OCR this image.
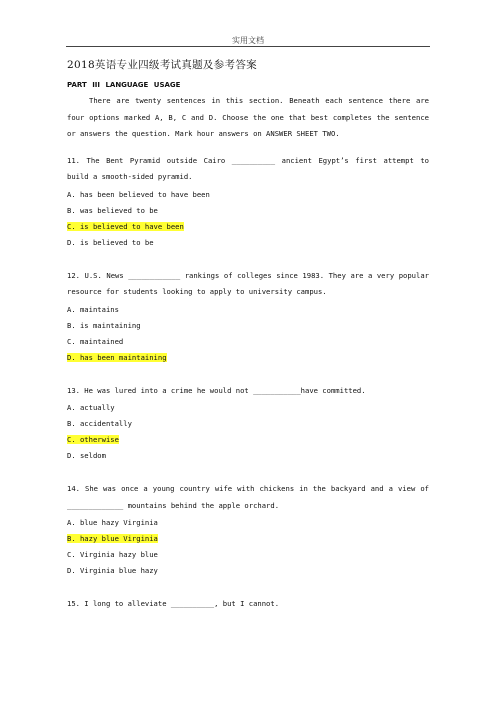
实用文档
2018英语专业四级考试真题及参考答案
PART III LANGUAGE USAGE
There are twenty sentences in this section. Beneath each sentence there are four options marked A, B, C and D. Choose the one that best completes the sentence or answers the question. Mark hour answers on ANSWER SHEET TWO.
11. The Bent Pyramid outside Cairo __________ ancient Egypt’s first attempt to build a smooth-sided pyramid.
A. has been believed to have been
B. was believed to be
C. is believed to have been
D. is believed to be
12. U.S. News ____________ rankings of colleges since 1983. They are a very popular resource for students looking to apply to university campus.
A. maintains
B. is maintaining
C. maintained
D. has been maintaining
13. He was lured into a crime he would not ___________have committed.
A. actually
B. accidentally
C. otherwise
D. seldom
14. She was once a young country wife with chickens in the backyard and a view of _____________ mountains behind the apple orchard.
A. blue hazy Virginia
B. hazy blue Virginia
C. Virginia hazy blue
D. Virginia blue hazy
15. I long to alleviate __________, but I cannot.
